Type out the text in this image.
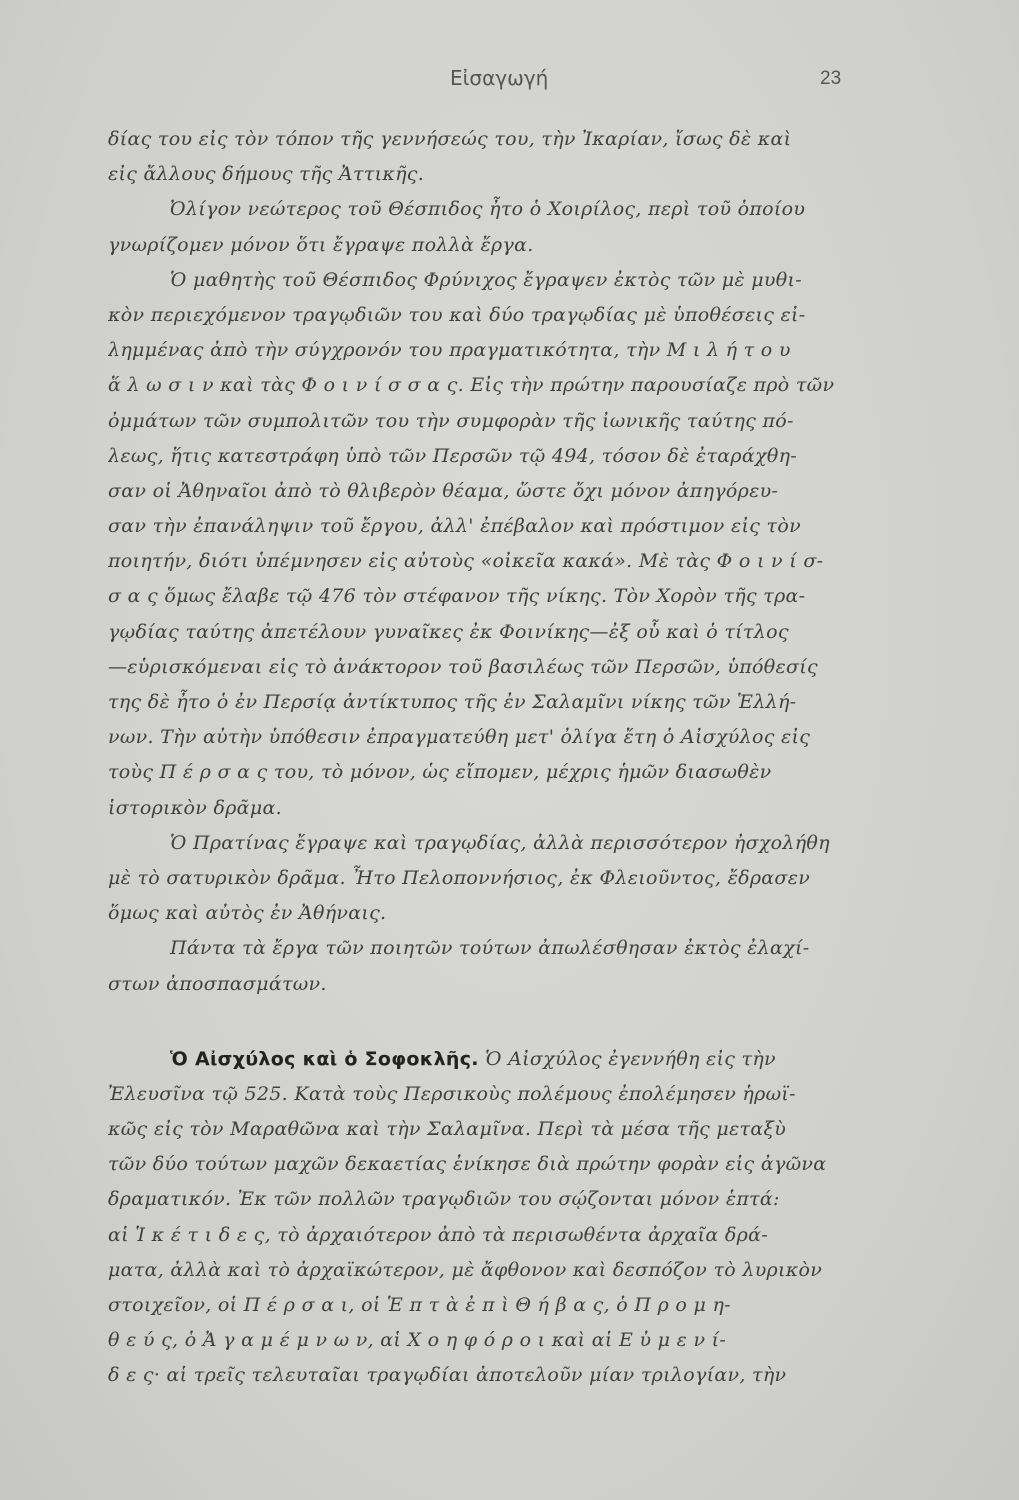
Εἰσαγωγή	23
δίας του εἰς τὸν τόπον τῆς γεννήσεώς του, τὴν Ἰκαρίαν, ἴσως δὲ καὶ
εἰς ἄλλους δήμους τῆς Ἀττικῆς.
Ὀλίγον νεώτερος τοῦ Θέσπιδος ἦτο ὁ Χοιρίλος, περὶ τοῦ ὁποίου
γνωρίζομεν μόνον ὅτι ἔγραψε πολλὰ ἔργα.
Ὁ μαθητὴς τοῦ Θέσπιδος Φρύνιχος ἔγραψεν ἐκτὸς τῶν μὲ μυθι-
κὸν περιεχόμενον τραγῳδιῶν του καὶ δύο τραγῳδίας μὲ ὑποθέσεις εἰ-
λημμένας ἀπὸ τὴν σύγχρονόν του πραγματικότητα, τὴν Μ ι λ ή τ ο υ
ἅ λ ω σ ι ν καὶ τὰς Φ ο ι ν ί σ σ α ς. Εἰς τὴν πρώτην παρουσίαζε πρὸ τῶν
ὀμμάτων τῶν συμπολιτῶν του τὴν συμφορὰν τῆς ἰωνικῆς ταύτης πό-
λεως, ἥτις κατεστράφη ὑπὸ τῶν Περσῶν τῷ 494, τόσον δὲ ἐταράχθη-
σαν οἱ Ἀθηναῖοι ἀπὸ τὸ θλιβερὸν θέαμα, ὥστε ὄχι μόνον ἀπηγόρευ-
σαν τὴν ἐπανάληψιν τοῦ ἔργου, ἀλλ' ἐπέβαλον καὶ πρόστιμον εἰς τὸν
ποιητήν, διότι ὑπέμνησεν εἰς αὐτοὺς «οἰκεῖα κακά». Μὲ τὰς Φ ο ι ν ί σ-
σ α ς ὅμως ἔλαβε τῷ 476 τὸν στέφανον τῆς νίκης. Τὸν Χορὸν τῆς τρα-
γῳδίας ταύτης ἀπετέλουν γυναῖκες ἐκ Φοινίκης—ἐξ οὗ καὶ ὁ τίτλος
—εὑρισκόμεναι εἰς τὸ ἀνάκτορον τοῦ βασιλέως τῶν Περσῶν, ὑπόθεσίς
της δὲ ἦτο ὁ ἐν Περσίᾳ ἀντίκτυπος τῆς ἐν Σαλαμῖνι νίκης τῶν Ἑλλή-
νων. Τὴν αὐτὴν ὑπόθεσιν ἐπραγματεύθη μετ' ὀλίγα ἔτη ὁ Αἰσχύλος εἰς
τοὺς Π έ ρ σ α ς του, τὸ μόνον, ὡς εἴπομεν, μέχρις ἡμῶν διασωθὲν
ἱστορικὸν δρᾶμα.
Ὁ Πρατίνας ἔγραψε καὶ τραγῳδίας, ἀλλὰ περισσότερον ἠσχολήθη
μὲ τὸ σατυρικὸν δρᾶμα. Ἦτο Πελοποννήσιος, ἐκ Φλειοῦντος, ἔδρασεν
ὅμως καὶ αὐτὸς ἐν Ἀθήναις.
Πάντα τὰ ἔργα τῶν ποιητῶν τούτων ἀπωλέσθησαν ἐκτὸς ἐλαχί-
στων ἀποσπασμάτων.
Ὁ Αἰσχύλος καὶ ὁ Σοφοκλῆς. Ὁ Αἰσχύλος ἐγεννήθη εἰς τὴν
Ἐλευσῖνα τῷ 525. Κατὰ τοὺς Περσικοὺς πολέμους ἐπολέμησεν ἡρωϊ-
κῶς εἰς τὸν Μαραθῶνα καὶ τὴν Σαλαμῖνα. Περὶ τὰ μέσα τῆς μεταξὺ
τῶν δύο τούτων μαχῶν δεκαετίας ἐνίκησε διὰ πρώτην φορὰν εἰς ἀγῶνα
δραματικόν. Ἐκ τῶν πολλῶν τραγῳδιῶν του σῴζονται μόνον ἑπτά:
αἱ Ἱ κ έ τ ι δ ε ς, τὸ ἀρχαιότερον ἀπὸ τὰ περισωθέντα ἀρχαῖα δρά-
ματα, ἀλλὰ καὶ τὸ ἀρχαϊκώτερον, μὲ ἄφθονον καὶ δεσπόζον τὸ λυρικὸν
στοιχεῖον, οἱ Π έ ρ σ α ι, οἱ Ἑ π τ ὰ ἐ π ὶ Θ ή β α ς, ὁ Π ρ ο μ η-
θ ε ύ ς, ὁ Ἀ γ α μ έ μ ν ω ν, αἱ Χ ο η φ ό ρ ο ι καὶ αἱ Ε ὐ μ ε ν ί-
δ ε ς· αἱ τρεῖς τελευταῖαι τραγῳδίαι ἀποτελοῦν μίαν τριλογίαν, τὴν
